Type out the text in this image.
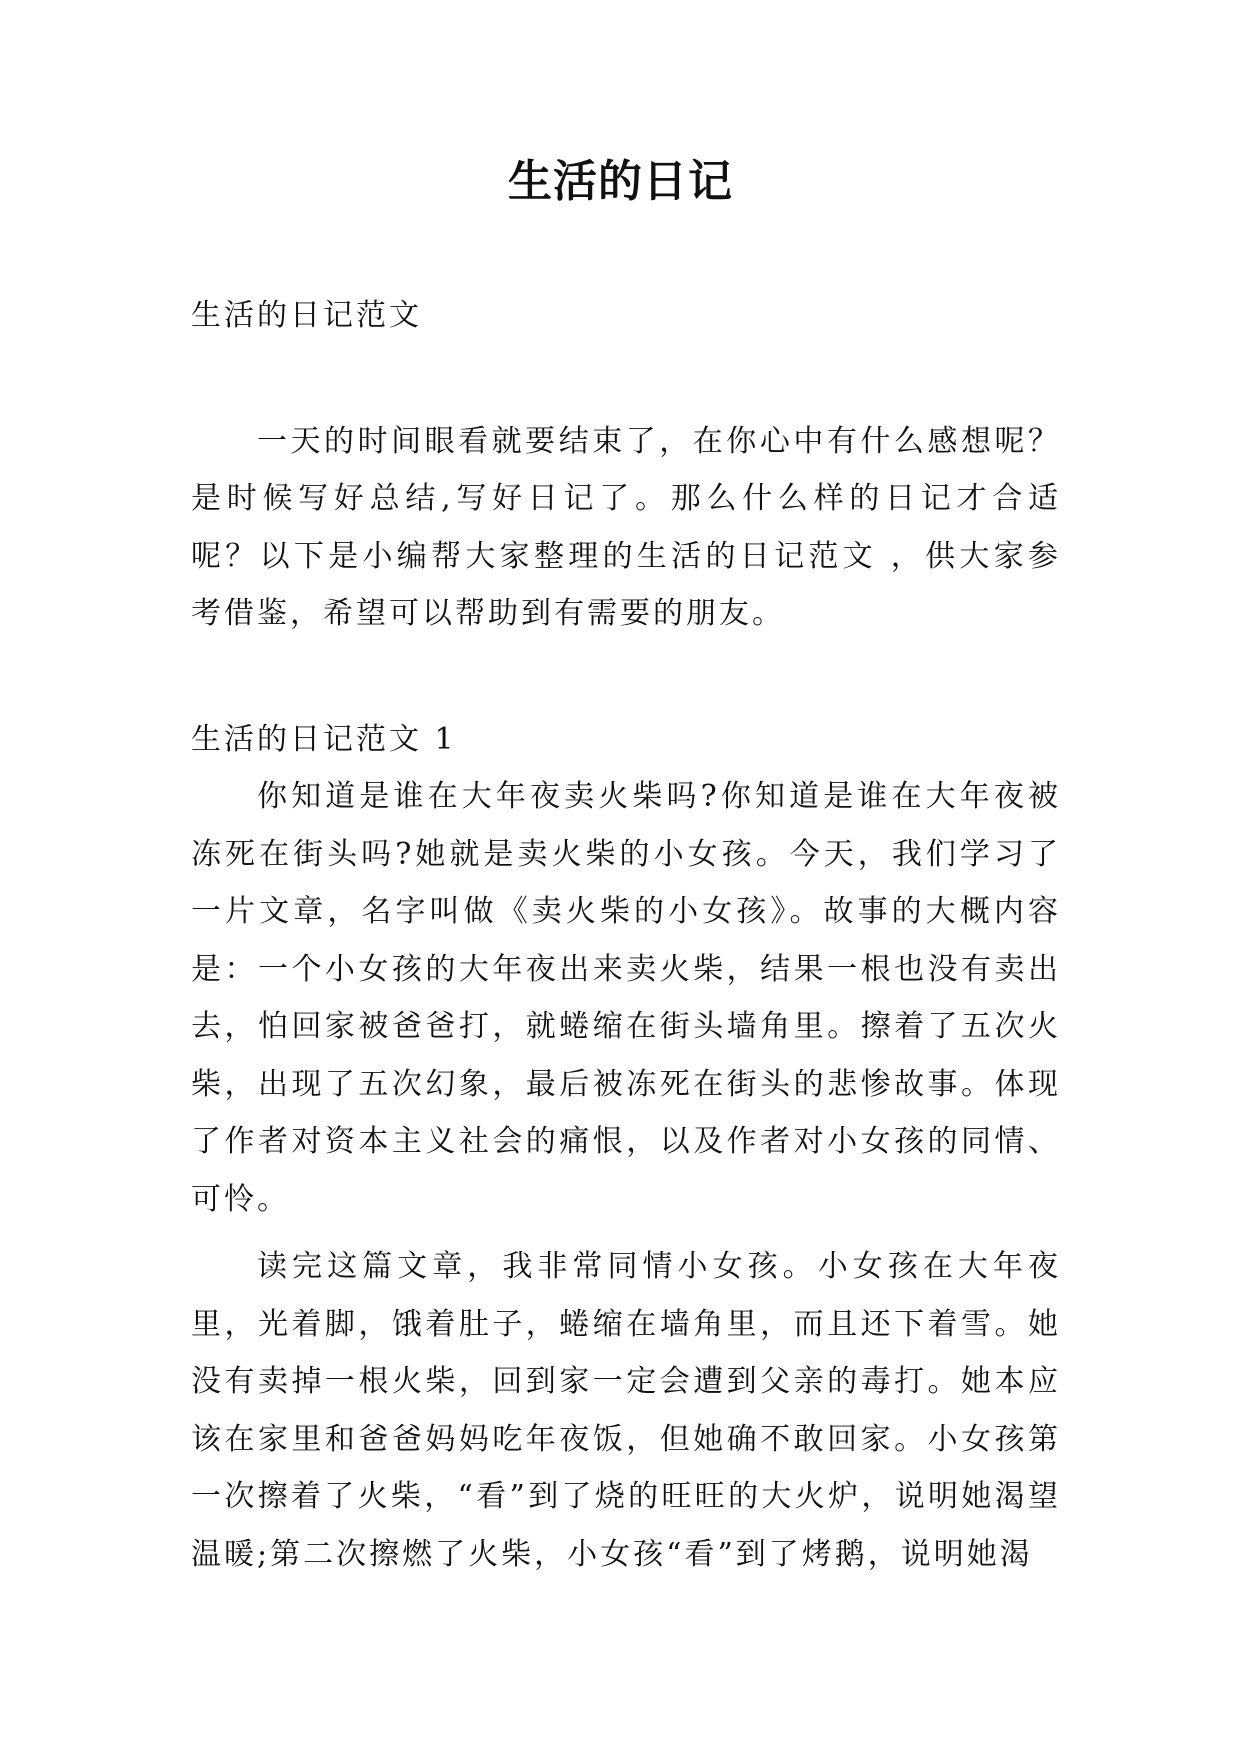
生活的日记

生活的日记范文

一天的时间眼看就要结束了，在你心中有什么感想呢？是时候写好总结,写好日记了。那么什么样的日记才合适呢？以下是小编帮大家整理的生活的日记范文 ，供大家参考借鉴，希望可以帮助到有需要的朋友。

生活的日记范文 1

你知道是谁在大年夜卖火柴吗?你知道是谁在大年夜被冻死在街头吗?她就是卖火柴的小女孩。今天，我们学习了一片文章，名字叫做《卖火柴的小女孩》。故事的大概内容是：一个小女孩的大年夜出来卖火柴，结果一根也没有卖出去，怕回家被爸爸打，就蜷缩在街头墙角里。擦着了五次火柴，出现了五次幻象，最后被冻死在街头的悲惨故事。体现了作者对资本主义社会的痛恨，以及作者对小女孩的同情、可怜。

读完这篇文章，我非常同情小女孩。小女孩在大年夜里，光着脚，饿着肚子，蜷缩在墙角里，而且还下着雪。她没有卖掉一根火柴，回到家一定会遭到父亲的毒打。她本应该在家里和爸爸妈妈吃年夜饭，但她确不敢回家。小女孩第一次擦着了火柴，“看”到了烧的旺旺的大火炉，说明她渴望温暖;第二次擦燃了火柴，小女孩“看”到了烤鹅，说明她渴
